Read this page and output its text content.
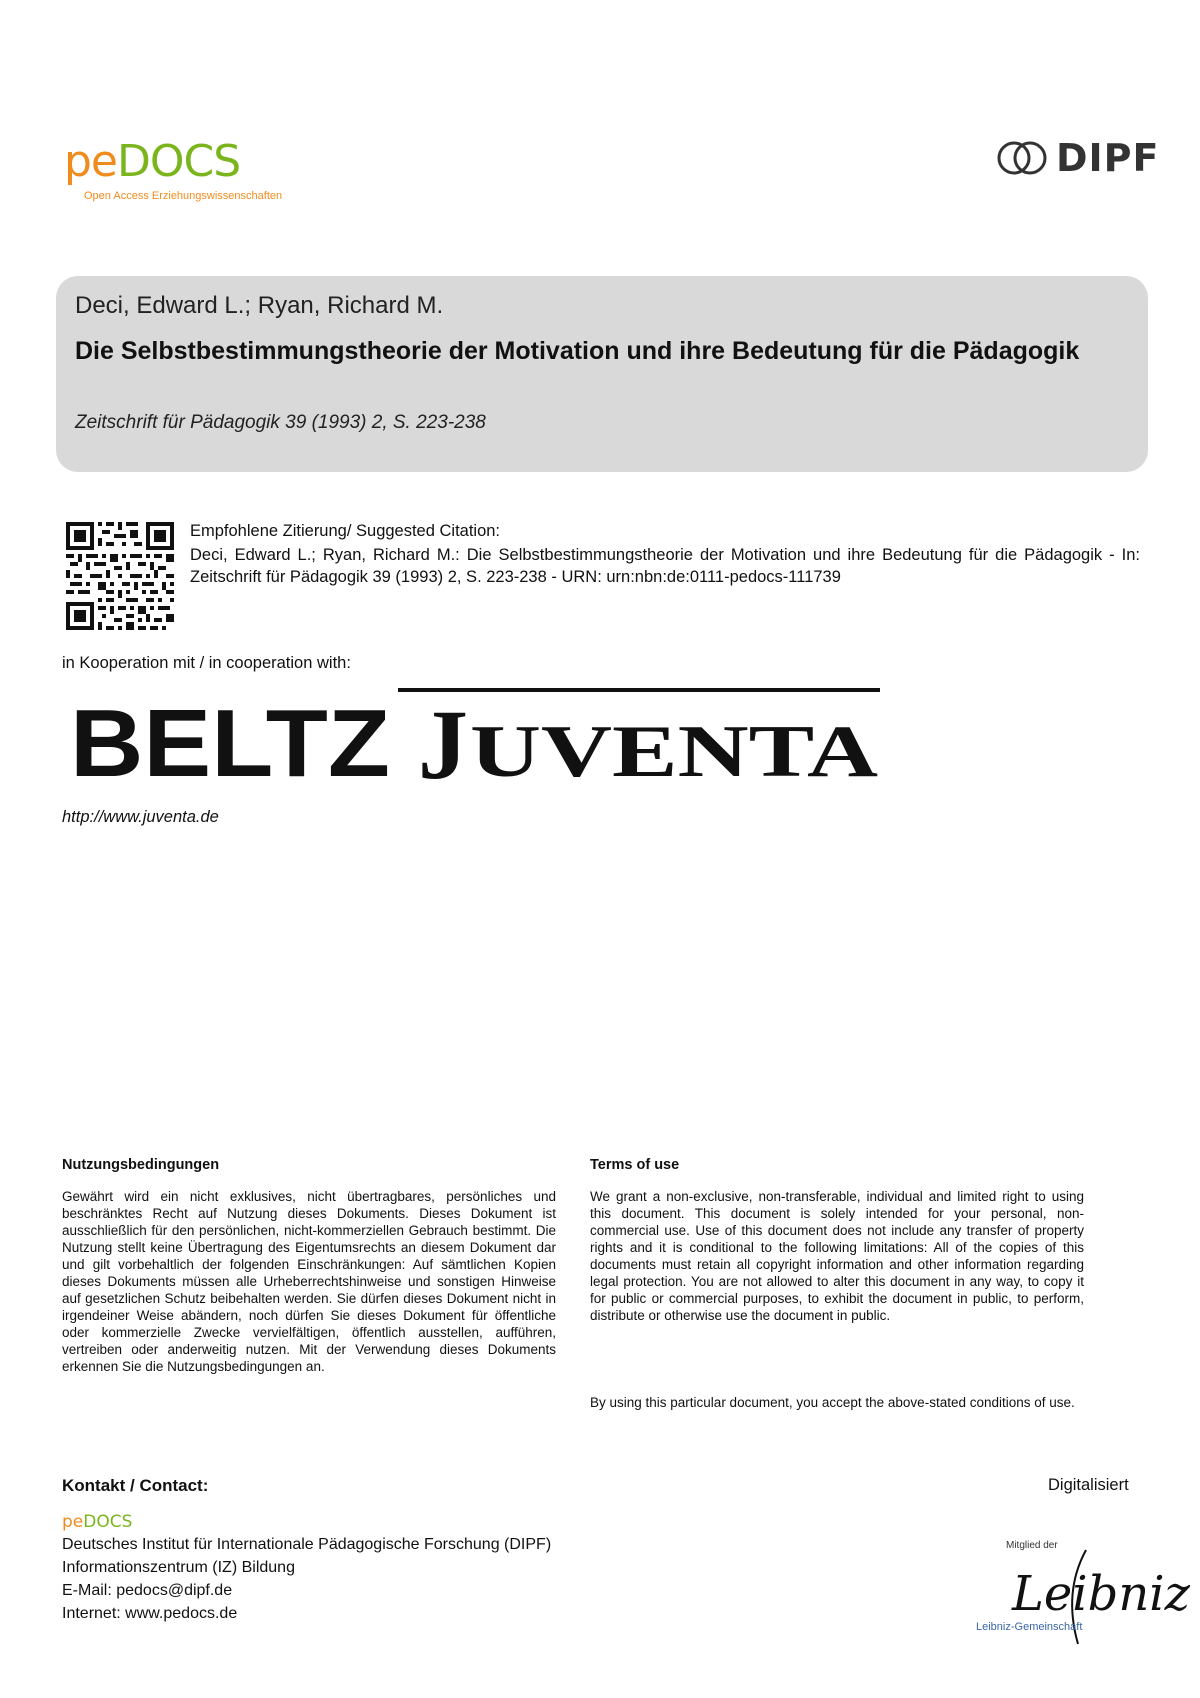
peDOCS
Open Access Erziehungswissenschaften
DIPF
Deci, Edward L.; Ryan, Richard M.
Die Selbstbestimmungstheorie der Motivation und ihre Bedeutung für die Pädagogik
Zeitschrift für Pädagogik 39 (1993) 2, S. 223-238
Empfohlene Zitierung/ Suggested Citation:
Deci, Edward L.; Ryan, Richard M.: Die Selbstbestimmungstheorie der Motivation und ihre Bedeutung für die Pädagogik - In: Zeitschrift für Pädagogik 39 (1993) 2, S. 223-238 - URN: urn:nbn:de:0111-pedocs-111739
in Kooperation mit / in cooperation with:
BELTZ J UVENTA
http://www.juventa.de
Nutzungsbedingungen
Gewährt wird ein nicht exklusives, nicht übertragbares, persönliches und beschränktes Recht auf Nutzung dieses Dokuments. Dieses Dokument ist ausschließlich für den persönlichen, nicht-kommerziellen Gebrauch bestimmt. Die Nutzung stellt keine Übertragung des Eigentumsrechts an diesem Dokument dar und gilt vorbehaltlich der folgenden Einschränkungen: Auf sämtlichen Kopien dieses Dokuments müssen alle Urheberrechtshinweise und sonstigen Hinweise auf gesetzlichen Schutz beibehalten werden. Sie dürfen dieses Dokument nicht in irgendeiner Weise abändern, noch dürfen Sie dieses Dokument für öffentliche oder kommerzielle Zwecke vervielfältigen, öffentlich ausstellen, aufführen, vertreiben oder anderweitig nutzen. Mit der Verwendung dieses Dokuments erkennen Sie die Nutzungsbedingungen an.
Terms of use
We grant a non-exclusive, non-transferable, individual and limited right to using this document. This document is solely intended for your personal, non-commercial use. Use of this document does not include any transfer of property rights and it is conditional to the following limitations: All of the copies of this documents must retain all copyright information and other information regarding legal protection. You are not allowed to alter this document in any way, to copy it for public or commercial purposes, to exhibit the document in public, to perform, distribute or otherwise use the document in public.
By using this particular document, you accept the above-stated conditions of use.
Kontakt / Contact:	Digitalisiert
peDOCS
Deutsches Institut für Internationale Pädagogische Forschung (DIPF)
Informationszentrum (IZ) Bildung
E-Mail: pedocs@dipf.de
Internet: www.pedocs.de
Mitglied der
Leibniz
Leibniz-Gemeinschaft
